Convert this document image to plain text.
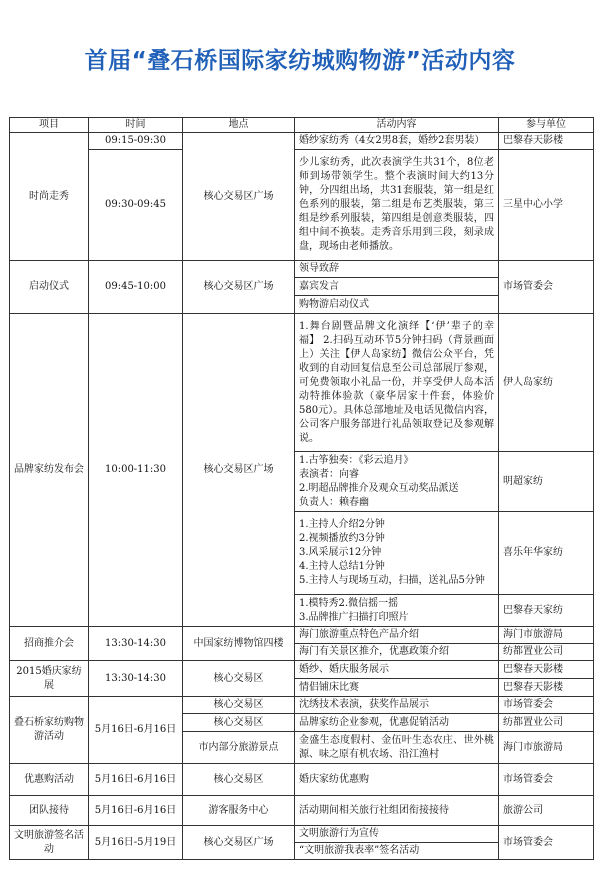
首届“叠石桥国际家纺城购物游”活动内容
项目	时间	地点	活动内容	参与单位
时尚走秀	09:15-09:30	核心交易区广场	婚纱家纺秀（4女2男8套，婚纱2套男装）	巴黎春天影楼
	09:30-09:45		少儿家纺秀，此次表演学生共31个，8位老师到场带领学生。整个表演时间大约13分钟，分四组出场，共31套服装，第一组是红色系列的服装，第二组是布艺类服装，第三组是纱系列服装，第四组是创意类服装，四组中间不换装。走秀音乐用到三段，刻录成盘，现场由老师播放。	三星中心小学
启动仪式	09:45-10:00	核心交易区广场	领导致辞	市场管委会
			嘉宾发言	
			购物游启动仪式	
品牌家纺发布会	10:00-11:30	核心交易区广场	1.舞台剧暨品牌文化演绎【‘伊’辈子的幸福】 2.扫码互动环节5分钟扫码（背景画面上）关注【伊人岛家纺】微信公众平台，凭收到的自动回复信息至公司总部展厅参观，可免费领取小礼品一份，并享受伊人岛本活动特推体验款（豪华居家十件套，体验价580元）。具体总部地址及电话见微信内容，公司客户服务部进行礼品领取登记及参观解说。	伊人岛家纺
			1.古筝独奏：《彩云追月》
表演者：向睿
2.明超品牌推介及观众互动奖品派送
负责人：赖春幽	明超家纺
			1.主持人介绍2分钟
2.视频播放约3分钟
3.风采展示12分钟
4.主持人总结1分钟
5.主持人与现场互动，扫描，送礼品5分钟	喜乐年华家纺
			1.模特秀2.微信摇一摇
3.品牌推广扫描打印照片	巴黎春天家纺
招商推介会	13:30-14:30	中国家纺博物馆四楼	海门旅游重点特色产品介绍	海门市旅游局
			海门有关景区推介，优惠政策介绍	纺都置业公司
2015婚庆家纺展	13:30-14:30	核心交易区	婚纱、婚庆服务展示	巴黎春天影楼
			情侣铺床比赛	巴黎春天影楼
叠石桥家纺购物游活动	5月16日-6月16日	核心交易区	沈绣技术表演，获奖作品展示	市场管委会
		核心交易区	品牌家纺企业参观，优惠促销活动	纺都置业公司
		市内部分旅游景点	金盛生态度假村、金伍叶生态农庄、世外桃源、味之原有机农场、沿江渔村	海门市旅游局
优惠购活动	5月16日-6月16日	核心交易区	婚庆家纺优惠购	市场管委会
团队接待	5月16日-6月16日	游客服务中心	活动期间相关旅行社组团衔接接待	旅游公司
文明旅游签名活动	5月16日-5月19日	核心交易区广场	文明旅游行为宣传	市场管委会
			“文明旅游我表率”签名活动	
